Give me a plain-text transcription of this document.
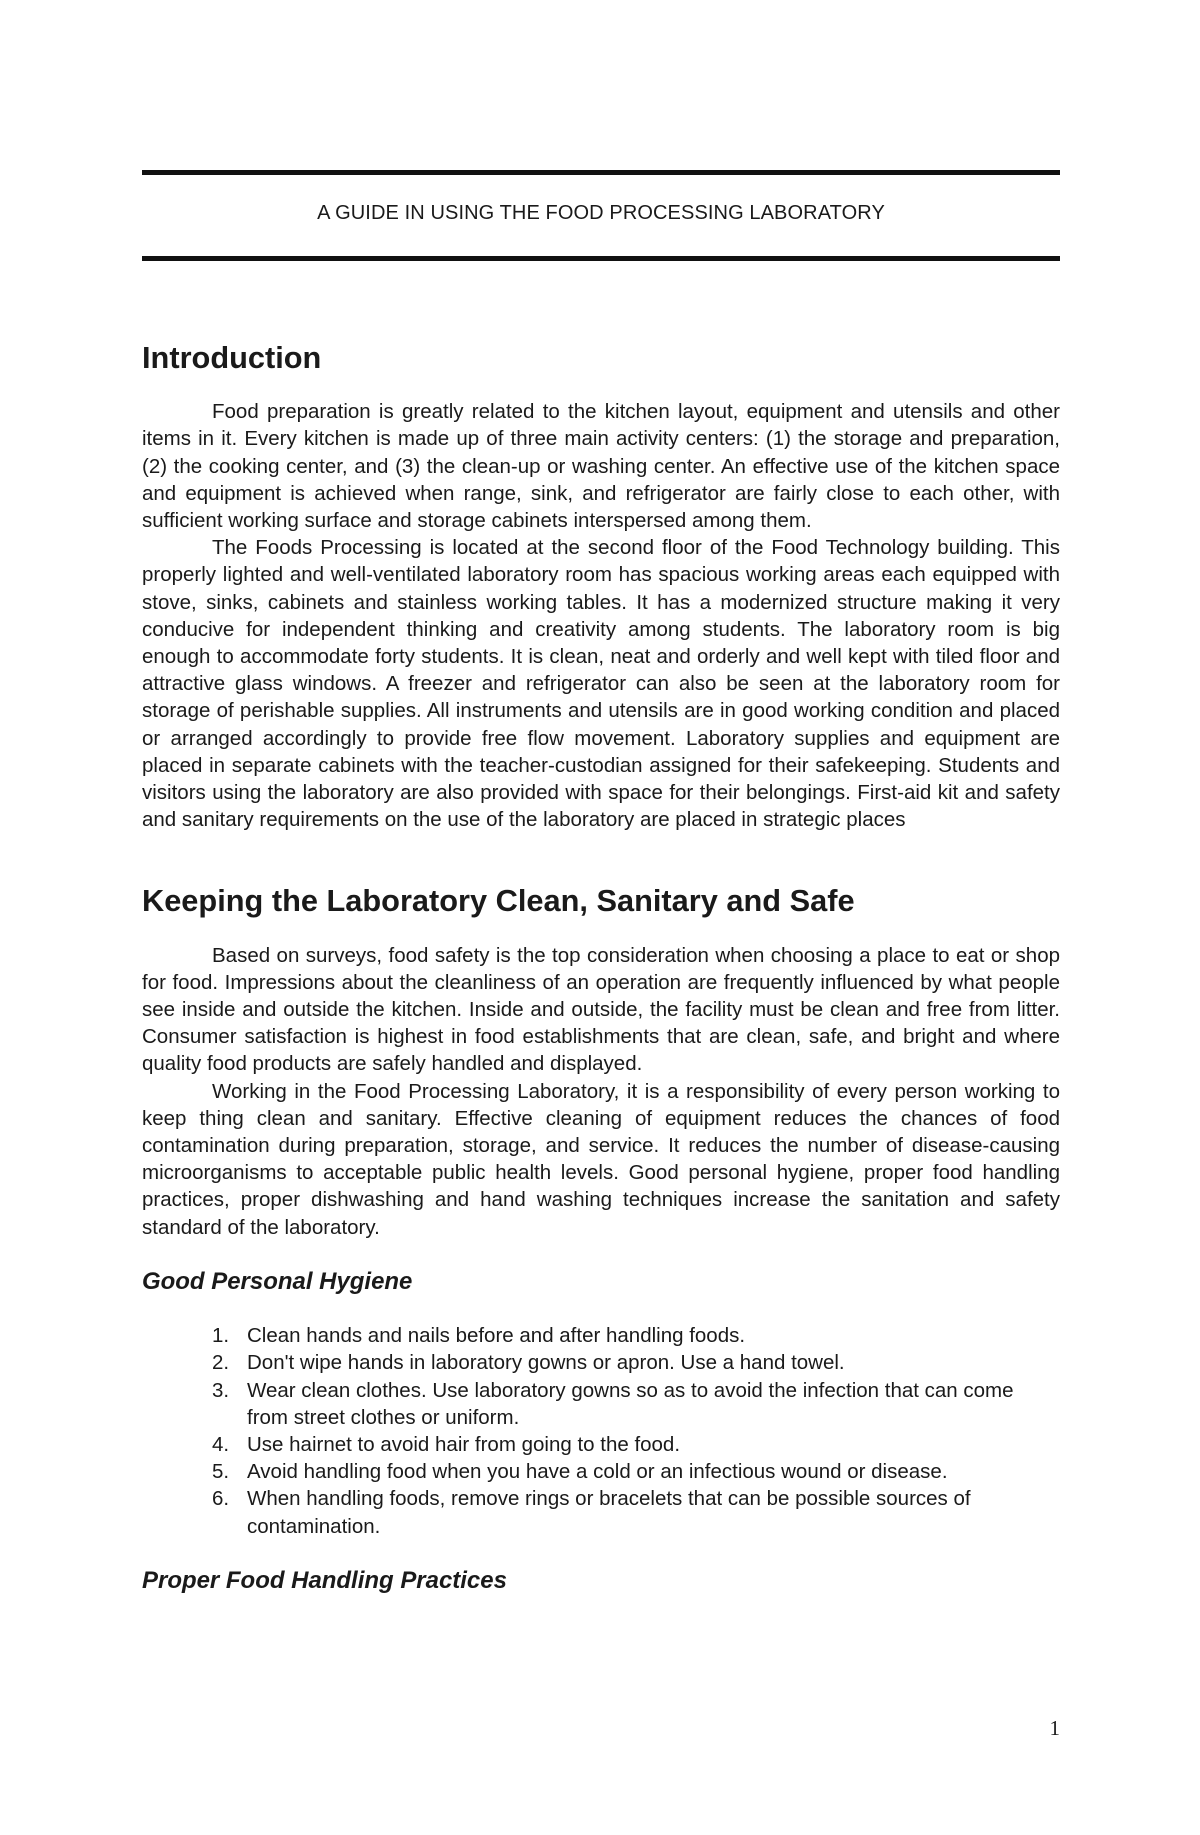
A GUIDE IN USING THE FOOD PROCESSING LABORATORY
Introduction

Food preparation is greatly related to the kitchen layout, equipment and utensils and other items in it. Every kitchen is made up of three main activity centers: (1) the storage and preparation, (2) the cooking center, and (3) the clean-up or washing center. An effective use of the kitchen space and equipment is achieved when range, sink, and refrigerator are fairly close to each other, with sufficient working surface and storage cabinets interspersed among them.

The Foods Processing is located at the second floor of the Food Technology building. This properly lighted and well-ventilated laboratory room has spacious working areas each equipped with stove, sinks, cabinets and stainless working tables. It has a modernized structure making it very conducive for independent thinking and creativity among students. The laboratory room is big enough to accommodate forty students. It is clean, neat and orderly and well kept with tiled floor and attractive glass windows. A freezer and refrigerator can also be seen at the laboratory room for storage of perishable supplies. All instruments and utensils are in good working condition and placed or arranged accordingly to provide free flow movement. Laboratory supplies and equipment are placed in separate cabinets with the teacher-custodian assigned for their safekeeping. Students and visitors using the laboratory are also provided with space for their belongings. First-aid kit and safety and sanitary requirements on the use of the laboratory are placed in strategic places

Keeping the Laboratory Clean, Sanitary and Safe

Based on surveys, food safety is the top consideration when choosing a place to eat or shop for food. Impressions about the cleanliness of an operation are frequently influenced by what people see inside and outside the kitchen. Inside and outside, the facility must be clean and free from litter. Consumer satisfaction is highest in food establishments that are clean, safe, and bright and where quality food products are safely handled and displayed.

Working in the Food Processing Laboratory, it is a responsibility of every person working to keep thing clean and sanitary. Effective cleaning of equipment reduces the chances of food contamination during preparation, storage, and service. It reduces the number of disease-causing microorganisms to acceptable public health levels. Good personal hygiene, proper food handling practices, proper dishwashing and hand washing techniques increase the sanitation and safety standard of the laboratory.

Good Personal Hygiene
1. Clean hands and nails before and after handling foods.
2. Don't wipe hands in laboratory gowns or apron. Use a hand towel.
3. Wear clean clothes. Use laboratory gowns so as to avoid the infection that can come from street clothes or uniform.
4. Use hairnet to avoid hair from going to the food.
5. Avoid handling food when you have a cold or an infectious wound or disease.
6. When handling foods, remove rings or bracelets that can be possible sources of contamination.
Proper Food Handling Practices
1
